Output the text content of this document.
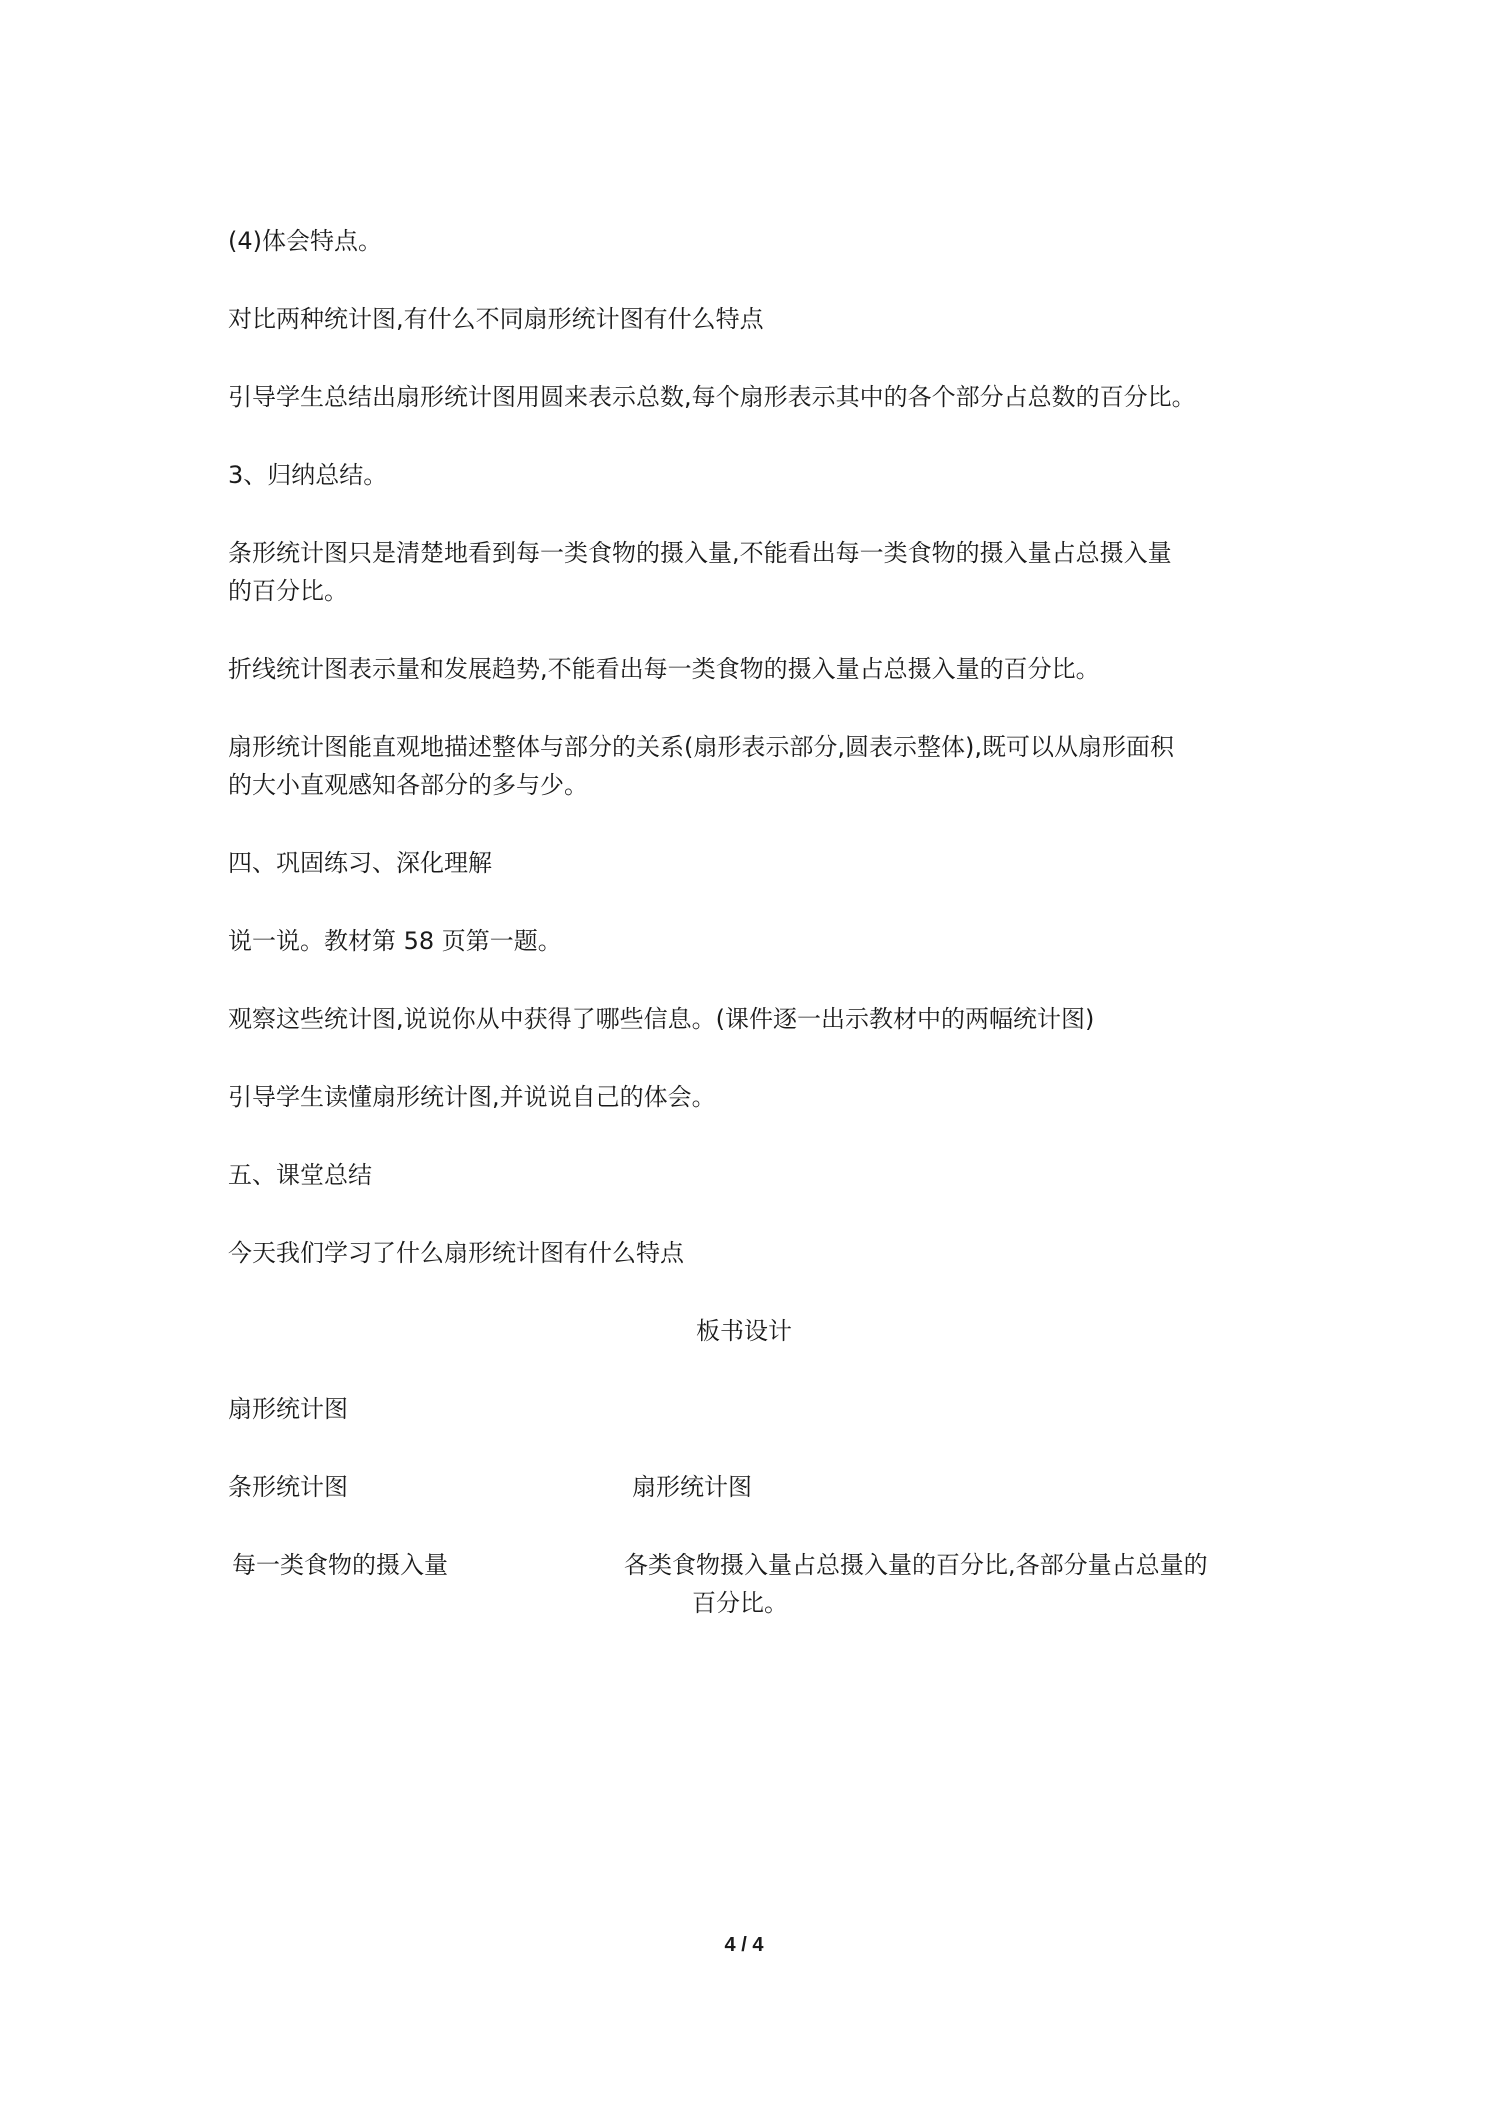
(4)体会特点。
对比两种统计图,有什么不同扇形统计图有什么特点
引导学生总结出扇形统计图用圆来表示总数,每个扇形表示其中的各个部分占总数的百分比。
3、归纳总结。
条形统计图只是清楚地看到每一类食物的摄入量,不能看出每一类食物的摄入量占总摄入量
的百分比。
折线统计图表示量和发展趋势,不能看出每一类食物的摄入量占总摄入量的百分比。
扇形统计图能直观地描述整体与部分的关系(扇形表示部分,圆表示整体),既可以从扇形面积
的大小直观感知各部分的多与少。
四、巩固练习、深化理解
说一说。教材第 58 页第一题。
观察这些统计图,说说你从中获得了哪些信息。(课件逐一出示教材中的两幅统计图)
引导学生读懂扇形统计图,并说说自己的体会。
五、课堂总结
今天我们学习了什么扇形统计图有什么特点
板书设计
扇形统计图
条形统计图	扇形统计图
每一类食物的摄入量	各类食物摄入量占总摄入量的百分比,各部分量占总量的
百分比。
4 / 4
